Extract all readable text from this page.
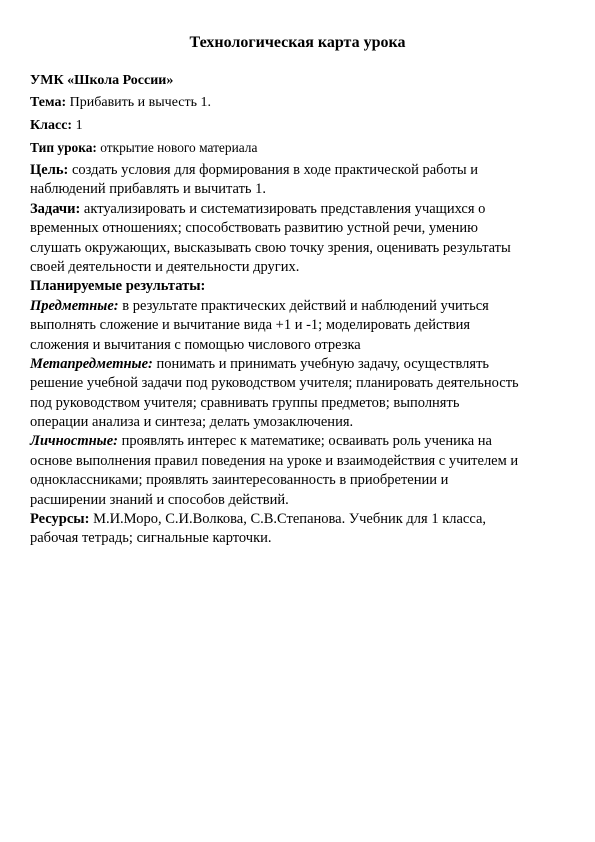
Технологическая карта урока
УМК «Школа России»
Тема: Прибавить и вычесть 1.
Класс: 1
Тип урока: открытие нового материала
Цель: создать условия для формирования в ходе практической работы и
наблюдений прибавлять и вычитать 1.
Задачи: актуализировать и систематизировать представления учащихся о
временных отношениях; способствовать развитию устной речи, умению
слушать окружающих, высказывать свою точку зрения, оценивать результаты
своей деятельности и деятельности других.
Планируемые результаты:
Предметные: в результате практических действий и наблюдений учиться
выполнять сложение и вычитание вида +1 и -1; моделировать действия
сложения и вычитания с помощью числового отрезка
Метапредметные: понимать и принимать учебную задачу, осуществлять
решение учебной задачи под руководством учителя; планировать деятельность
под руководством учителя; сравнивать группы предметов; выполнять
операции анализа и синтеза; делать умозаключения.
Личностные: проявлять интерес к математике; осваивать роль ученика на
основе выполнения правил поведения на уроке и взаимодействия с учителем и
одноклассниками; проявлять заинтересованность в приобретении и
расширении знаний и способов действий.
Ресурсы: М.И.Моро, С.И.Волкова, С.В.Степанова. Учебник для 1 класса,
рабочая тетрадь; сигнальные карточки.
